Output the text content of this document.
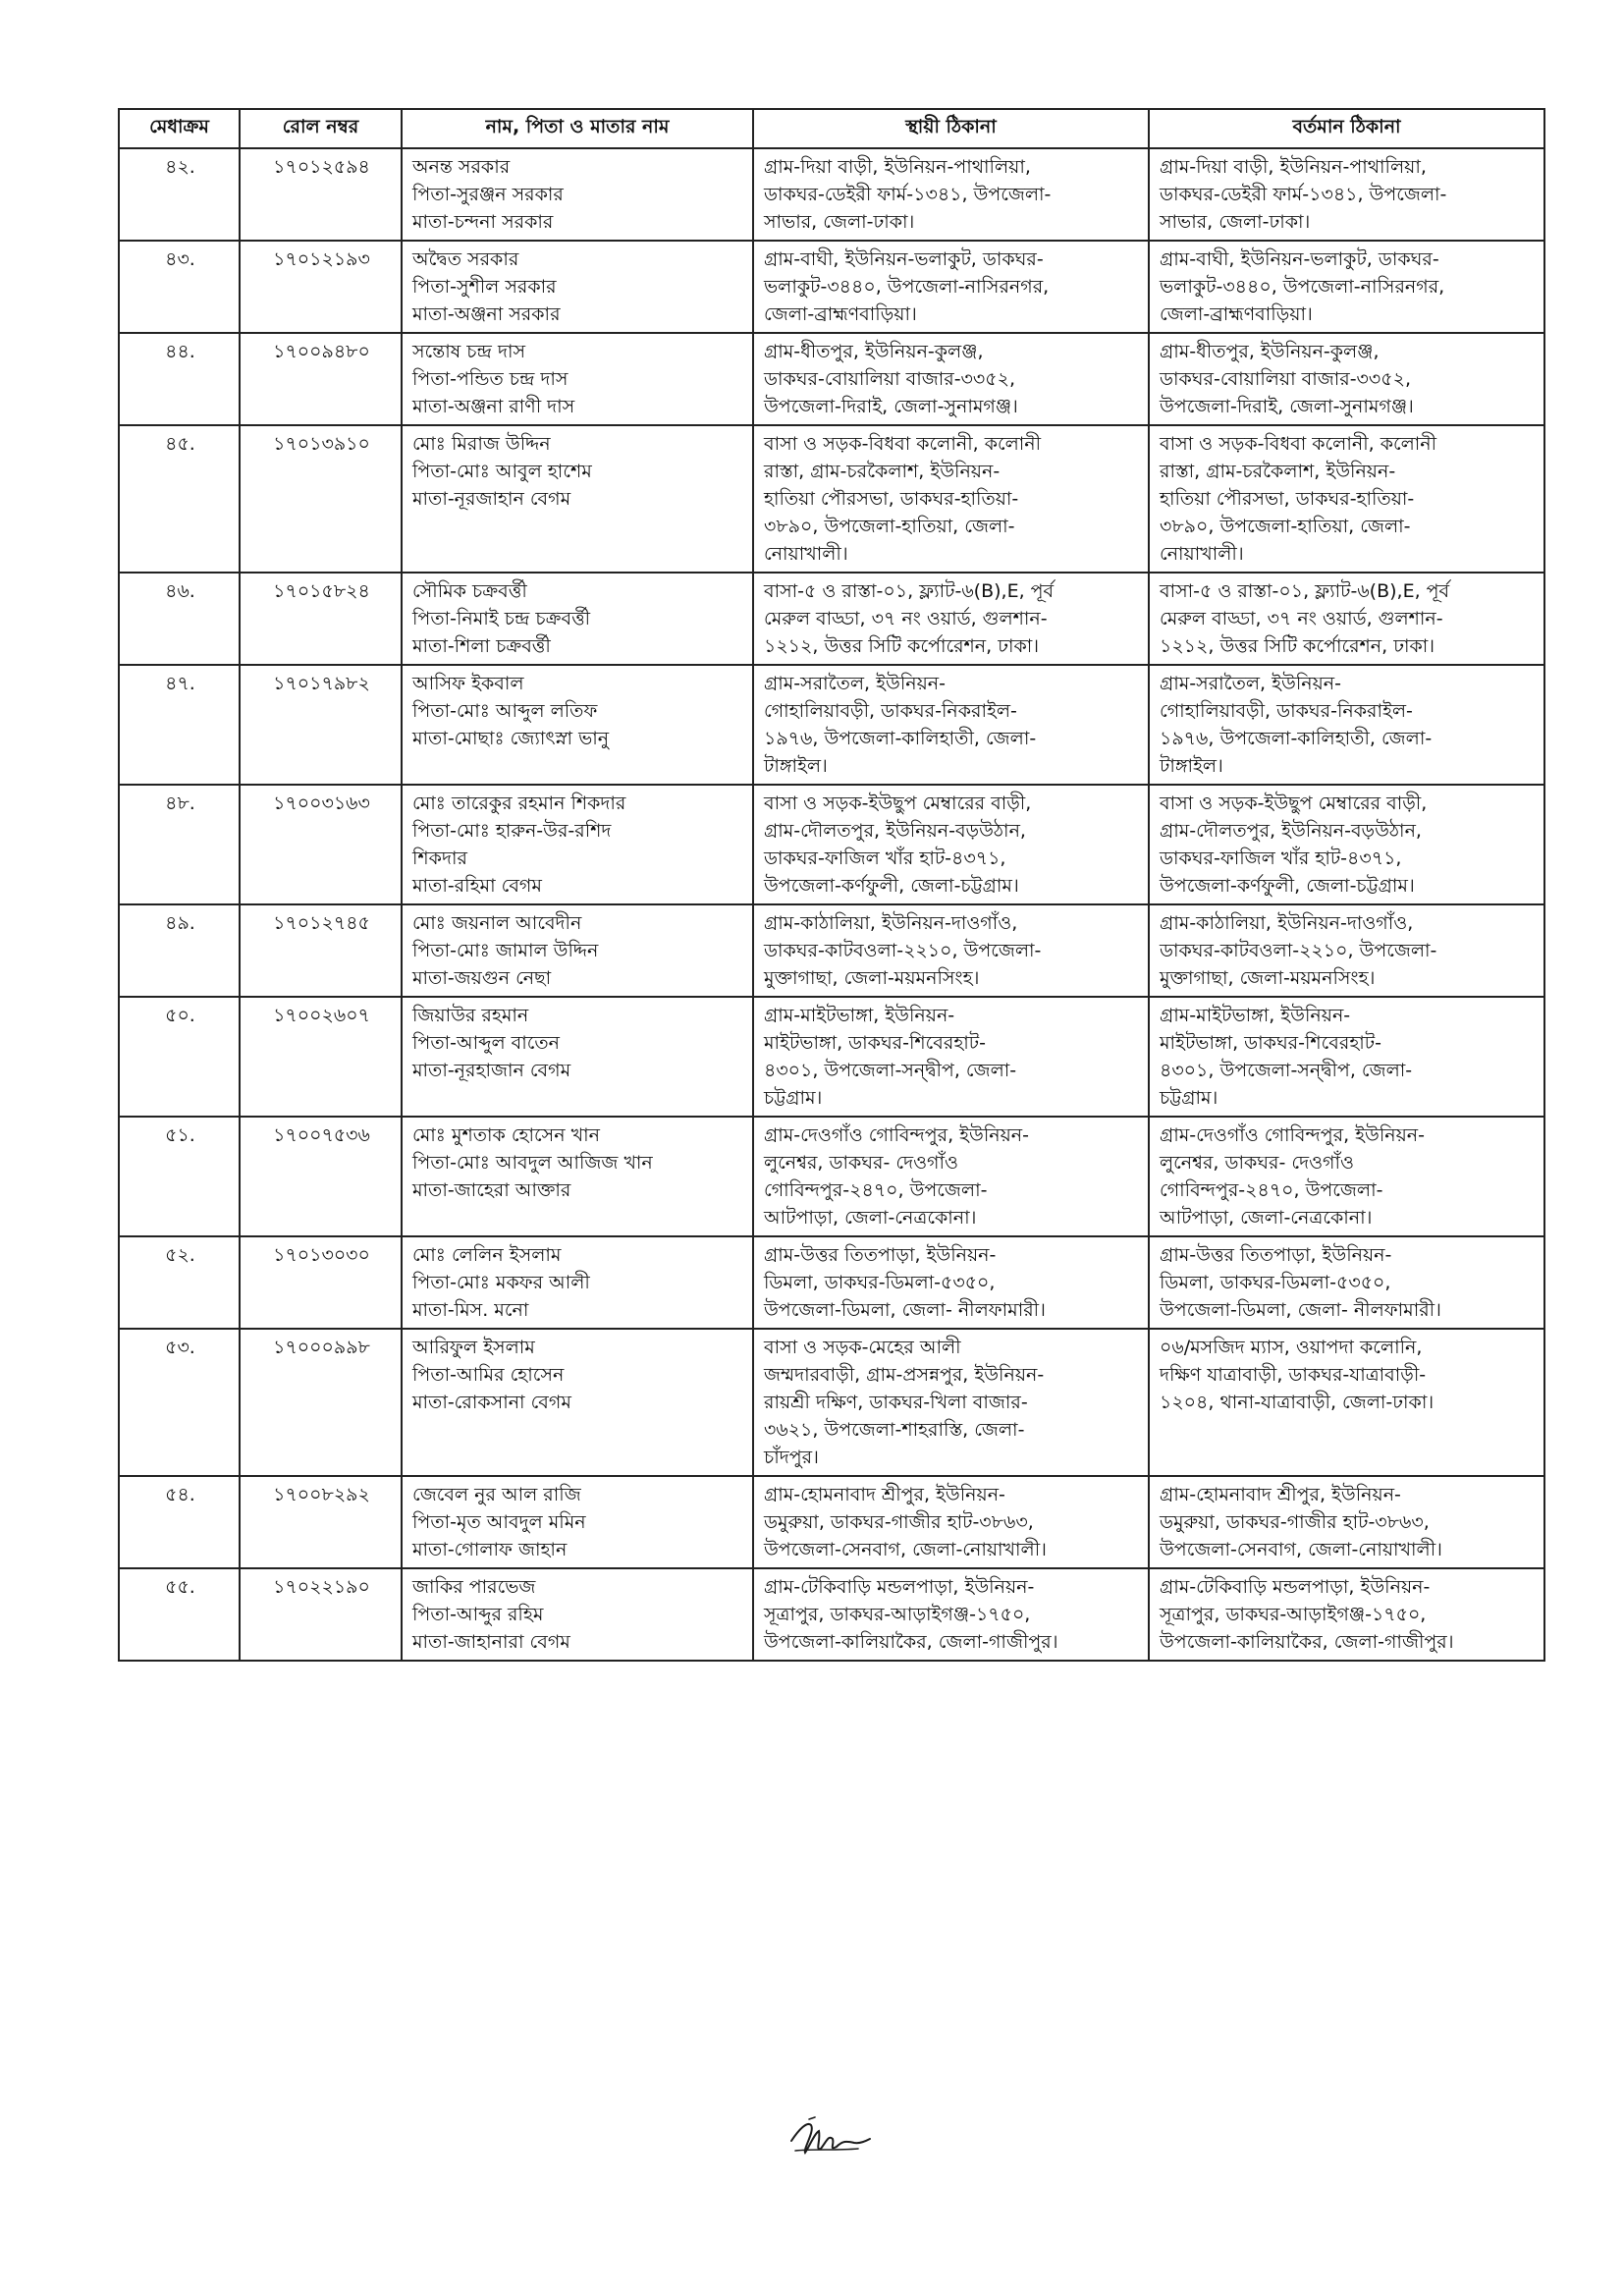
মেধাক্রম	রোল নম্বর	নাম, পিতা ও মাতার নাম	স্থায়ী ঠিকানা	বর্তমান ঠিকানা
৪২.	১৭০১২৫৯৪	অনন্ত সরকার
পিতা-সুরঞ্জন সরকার
মাতা-চন্দনা সরকার	গ্রাম-দিয়া বাড়ী, ইউনিয়ন-পাথালিয়া,
ডাকঘর-ডেইরী ফার্ম-১৩৪১, উপজেলা-
সাভার, জেলা-ঢাকা।	গ্রাম-দিয়া বাড়ী, ইউনিয়ন-পাথালিয়া,
ডাকঘর-ডেইরী ফার্ম-১৩৪১, উপজেলা-
সাভার, জেলা-ঢাকা।

৪৩.	১৭০১২১৯৩	অদ্বৈত সরকার
পিতা-সুশীল সরকার
মাতা-অঞ্জনা সরকার	গ্রাম-বাঘী, ইউনিয়ন-ভলাকুট, ডাকঘর-
ভলাকুট-৩৪৪০, উপজেলা-নাসিরনগর,
জেলা-ব্রাহ্মণবাড়িয়া।	গ্রাম-বাঘী, ইউনিয়ন-ভলাকুট, ডাকঘর-
ভলাকুট-৩৪৪০, উপজেলা-নাসিরনগর,
জেলা-ব্রাহ্মণবাড়িয়া।

৪৪.	১৭০০৯৪৮০	সন্তোষ চন্দ্র দাস
পিতা-পন্ডিত চন্দ্র দাস
মাতা-অঞ্জনা রাণী দাস	গ্রাম-ধীতপুর, ইউনিয়ন-কুলঞ্জ,
ডাকঘর-বোয়ালিয়া বাজার-৩৩৫২,
উপজেলা-দিরাই, জেলা-সুনামগঞ্জ।	গ্রাম-ধীতপুর, ইউনিয়ন-কুলঞ্জ,
ডাকঘর-বোয়ালিয়া বাজার-৩৩৫২,
উপজেলা-দিরাই, জেলা-সুনামগঞ্জ।

৪৫.	১৭০১৩৯১০	মোঃ মিরাজ উদ্দিন
পিতা-মোঃ আবুল হাশেম
মাতা-নূরজাহান বেগম	বাসা ও সড়ক-বিধবা কলোনী, কলোনী
রাস্তা, গ্রাম-চরকৈলাশ, ইউনিয়ন-
হাতিয়া পৌরসভা, ডাকঘর-হাতিয়া-
৩৮৯০, উপজেলা-হাতিয়া, জেলা-
নোয়াখালী।	বাসা ও সড়ক-বিধবা কলোনী, কলোনী
রাস্তা, গ্রাম-চরকৈলাশ, ইউনিয়ন-
হাতিয়া পৌরসভা, ডাকঘর-হাতিয়া-
৩৮৯০, উপজেলা-হাতিয়া, জেলা-
নোয়াখালী।

৪৬.	১৭০১৫৮২৪	সৌমিক চক্রবর্ত্তী
পিতা-নিমাই চন্দ্র চক্রবর্ত্তী
মাতা-শিলা চক্রবর্ত্তী	বাসা-৫ ও রাস্তা-০১, ফ্ল্যাট-৬(B),E, পূর্ব
মেরুল বাড্ডা, ৩৭ নং ওয়ার্ড, গুলশান-
১২১২, উত্তর সিটি কর্পোরেশন, ঢাকা।	বাসা-৫ ও রাস্তা-০১, ফ্ল্যাট-৬(B),E, পূর্ব
মেরুল বাড্ডা, ৩৭ নং ওয়ার্ড, গুলশান-
১২১২, উত্তর সিটি কর্পোরেশন, ঢাকা।

৪৭.	১৭০১৭৯৮২	আসিফ ইকবাল
পিতা-মোঃ আব্দুল লতিফ
মাতা-মোছাঃ জ্যোৎস্না ভানু	গ্রাম-সরাতৈল, ইউনিয়ন-
গোহালিয়াবড়ী, ডাকঘর-নিকরাইল-
১৯৭৬, উপজেলা-কালিহাতী, জেলা-
টাঙ্গাইল।	গ্রাম-সরাতৈল, ইউনিয়ন-
গোহালিয়াবড়ী, ডাকঘর-নিকরাইল-
১৯৭৬, উপজেলা-কালিহাতী, জেলা-
টাঙ্গাইল।

৪৮.	১৭০০৩১৬৩	মোঃ তারেকুর রহমান শিকদার
পিতা-মোঃ হারুন-উর-রশিদ
শিকদার
মাতা-রহিমা বেগম	বাসা ও সড়ক-ইউছুপ মেম্বারের বাড়ী,
গ্রাম-দৌলতপুর, ইউনিয়ন-বড়উঠান,
ডাকঘর-ফাজিল খাঁর হাট-৪৩৭১,
উপজেলা-কর্ণফুলী, জেলা-চট্টগ্রাম।	বাসা ও সড়ক-ইউছুপ মেম্বারের বাড়ী,
গ্রাম-দৌলতপুর, ইউনিয়ন-বড়উঠান,
ডাকঘর-ফাজিল খাঁর হাট-৪৩৭১,
উপজেলা-কর্ণফুলী, জেলা-চট্টগ্রাম।

৪৯.	১৭০১২৭৪৫	মোঃ জয়নাল আবেদীন
পিতা-মোঃ জামাল উদ্দিন
মাতা-জয়গুন নেছা	গ্রাম-কাঠালিয়া, ইউনিয়ন-দাওগাঁও,
ডাকঘর-কাটবওলা-২২১০, উপজেলা-
মুক্তাগাছা, জেলা-ময়মনসিংহ।	গ্রাম-কাঠালিয়া, ইউনিয়ন-দাওগাঁও,
ডাকঘর-কাটবওলা-২২১০, উপজেলা-
মুক্তাগাছা, জেলা-ময়মনসিংহ।

৫০.	১৭০০২৬০৭	জিয়াউর রহমান
পিতা-আব্দুল বাতেন
মাতা-নূরহাজান বেগম	গ্রাম-মাইটভাঙ্গা, ইউনিয়ন-
মাইটভাঙ্গা, ডাকঘর-শিবেরহাট-
৪৩০১, উপজেলা-সন্দ্বীপ, জেলা-
চট্টগ্রাম।	গ্রাম-মাইটভাঙ্গা, ইউনিয়ন-
মাইটভাঙ্গা, ডাকঘর-শিবেরহাট-
৪৩০১, উপজেলা-সন্দ্বীপ, জেলা-
চট্টগ্রাম।

৫১.	১৭০০৭৫৩৬	মোঃ মুশতাক হোসেন খান
পিতা-মোঃ আবদুল আজিজ খান
মাতা-জাহেরা আক্তার	গ্রাম-দেওগাঁও গোবিন্দপুর, ইউনিয়ন-
লুনেশ্বর, ডাকঘর- দেওগাঁও
গোবিন্দপুর-২৪৭০, উপজেলা-
আটপাড়া, জেলা-নেত্রকোনা।	গ্রাম-দেওগাঁও গোবিন্দপুর, ইউনিয়ন-
লুনেশ্বর, ডাকঘর- দেওগাঁও
গোবিন্দপুর-২৪৭০, উপজেলা-
আটপাড়া, জেলা-নেত্রকোনা।

৫২.	১৭০১৩০৩০	মোঃ লেলিন ইসলাম
পিতা-মোঃ মকফর আলী
মাতা-মিস. মনো	গ্রাম-উত্তর তিতপাড়া, ইউনিয়ন-
ডিমলা, ডাকঘর-ডিমলা-৫৩৫০,
উপজেলা-ডিমলা, জেলা- নীলফামারী।	গ্রাম-উত্তর তিতপাড়া, ইউনিয়ন-
ডিমলা, ডাকঘর-ডিমলা-৫৩৫০,
উপজেলা-ডিমলা, জেলা- নীলফামারী।

৫৩.	১৭০০০৯৯৮	আরিফুল ইসলাম
পিতা-আমির হোসেন
মাতা-রোকসানা বেগম	বাসা ও সড়ক-মেহের আলী
জম্মদারবাড়ী, গ্রাম-প্রসন্নপুর, ইউনিয়ন-
রায়শ্রী দক্ষিণ, ডাকঘর-খিলা বাজার-
৩৬২১, উপজেলা-শাহরাস্তি, জেলা-
চাঁদপুর।	০৬/মসজিদ ম্যাস, ওয়াপদা কলোনি,
দক্ষিণ যাত্রাবাড়ী, ডাকঘর-যাত্রাবাড়ী-
১২০৪, থানা-যাত্রাবাড়ী, জেলা-ঢাকা।

৫৪.	১৭০০৮২৯২	জেবেল নুর আল রাজি
পিতা-মৃত আবদুল মমিন
মাতা-গোলাফ জাহান	গ্রাম-হোমনাবাদ শ্রীপুর, ইউনিয়ন-
ডমুরুয়া, ডাকঘর-গাজীর হাট-৩৮৬৩,
উপজেলা-সেনবাগ, জেলা-নোয়াখালী।	গ্রাম-হোমনাবাদ শ্রীপুর, ইউনিয়ন-
ডমুরুয়া, ডাকঘর-গাজীর হাট-৩৮৬৩,
উপজেলা-সেনবাগ, জেলা-নোয়াখালী।

৫৫.	১৭০২২১৯০	জাকির পারভেজ
পিতা-আব্দুর রহিম
মাতা-জাহানারা বেগম	গ্রাম-টেকিবাড়ি মন্ডলপাড়া, ইউনিয়ন-
সূত্রাপুর, ডাকঘর-আড়াইগঞ্জ-১৭৫০,
উপজেলা-কালিয়াকৈর, জেলা-গাজীপুর।	গ্রাম-টেকিবাড়ি মন্ডলপাড়া, ইউনিয়ন-
সূত্রাপুর, ডাকঘর-আড়াইগঞ্জ-১৭৫০,
উপজেলা-কালিয়াকৈর, জেলা-গাজীপুর।
